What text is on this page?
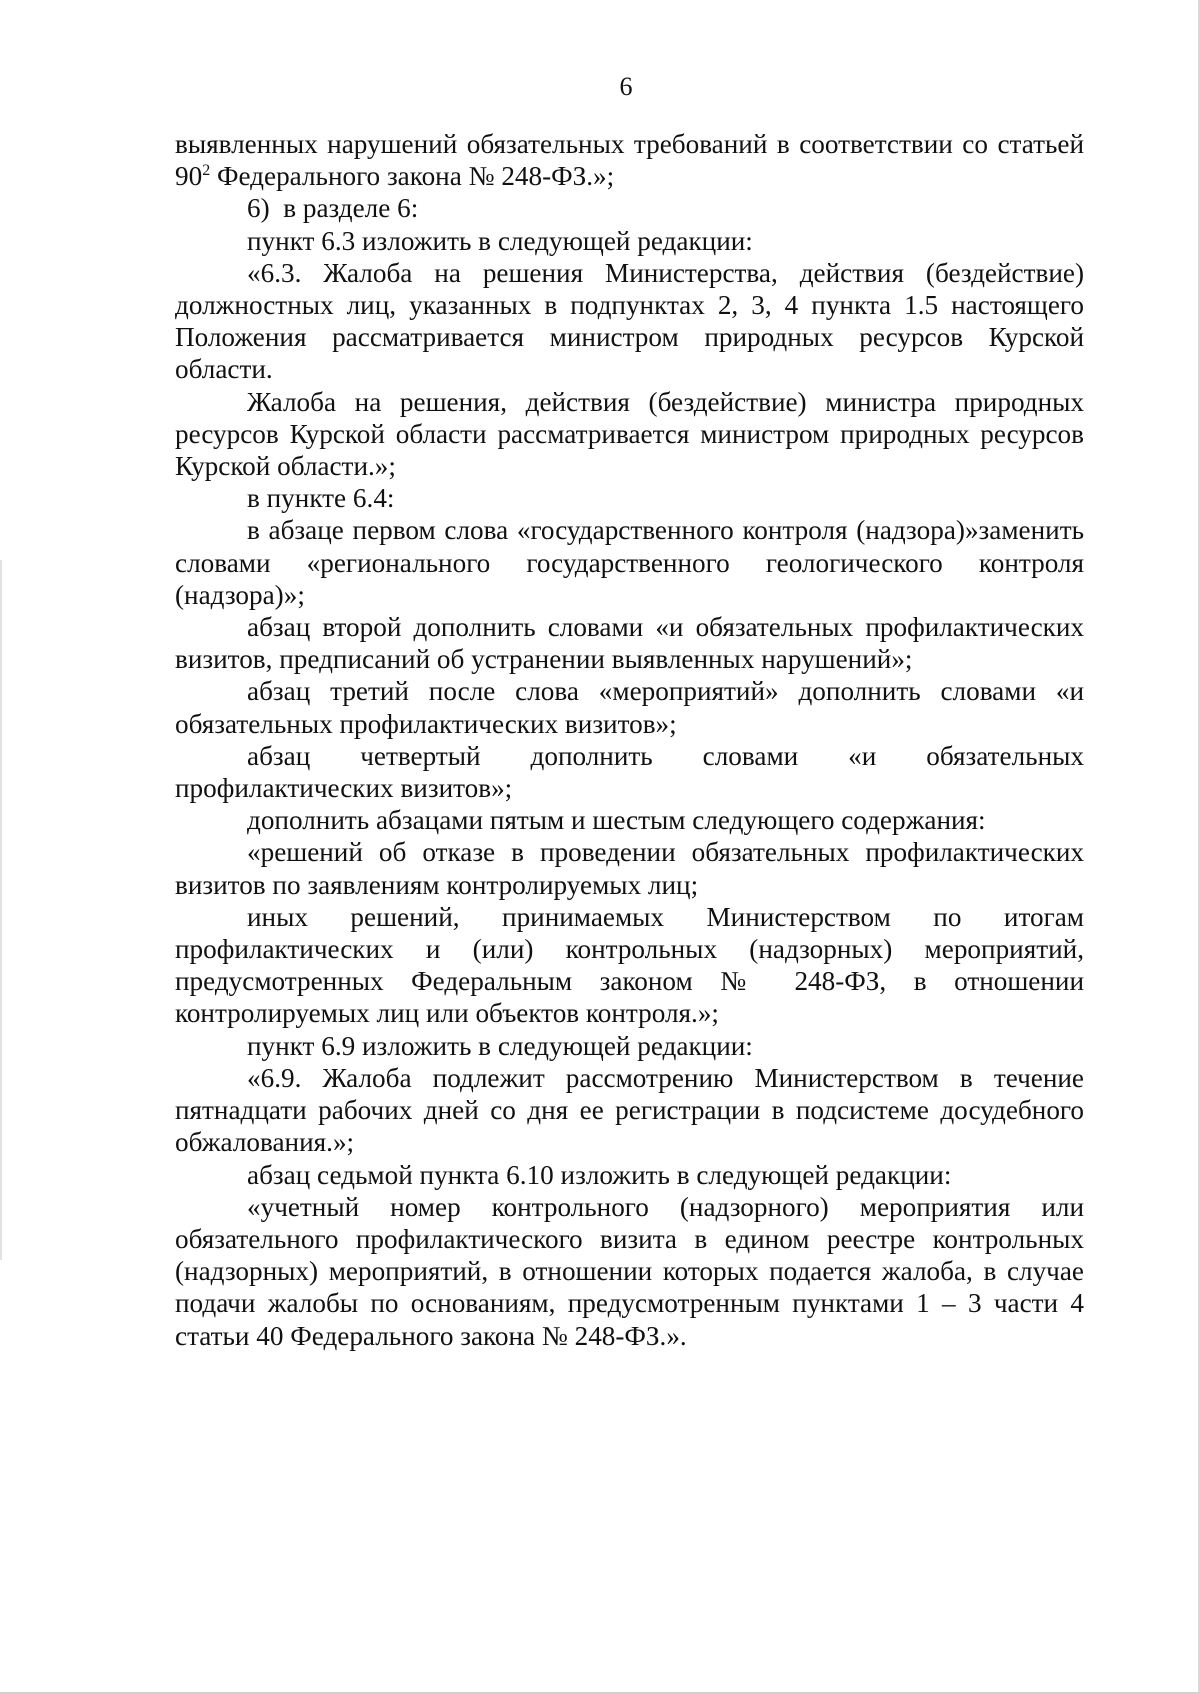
6

выявленных нарушений обязательных требований в соответствии со статьей $90^2$ Федерального закона № 248-ФЗ.»;

6)  в разделе 6:

пункт 6.3 изложить в следующей редакции:

«6.3. Жалоба на решения Министерства, действия (бездействие) должностных лиц, указанных в подпунктах 2, 3, 4 пункта 1.5 настоящего Положения рассматривается министром природных ресурсов Курской области.

Жалоба на решения, действия (бездействие) министра природных ресурсов Курской области рассматривается министром природных ресурсов Курской области.»;

в пункте 6.4:

в абзаце первом слова «государственного контроля (надзора)»заменить словами «регионального государственного геологического контроля (надзора)»;

абзац второй дополнить словами «и обязательных профилактических визитов, предписаний об устранении выявленных нарушений»;

абзац третий после слова «мероприятий» дополнить словами «и обязательных профилактических визитов»;

абзац четвертый дополнить словами «и обязательных профилактических визитов»;

дополнить абзацами пятым и шестым следующего содержания:

«решений об отказе в проведении обязательных профилактических визитов по заявлениям контролируемых лиц;

иных решений, принимаемых Министерством по итогам профилактических и (или) контрольных (надзорных) мероприятий, предусмотренных Федеральным законом № 248-ФЗ, в отношении контролируемых лиц или объектов контроля.»;

пункт 6.9 изложить в следующей редакции:

«6.9. Жалоба подлежит рассмотрению Министерством в течение пятнадцати рабочих дней со дня ее регистрации в подсистеме досудебного обжалования.»;

абзац седьмой пункта 6.10 изложить в следующей редакции:

«учетный номер контрольного (надзорного) мероприятия или обязательного профилактического визита в едином реестре контрольных (надзорных) мероприятий, в отношении которых подается жалоба, в случае подачи жалобы по основаниям, предусмотренным пунктами 1 – 3 части 4 статьи 40 Федерального закона № 248-ФЗ.».
